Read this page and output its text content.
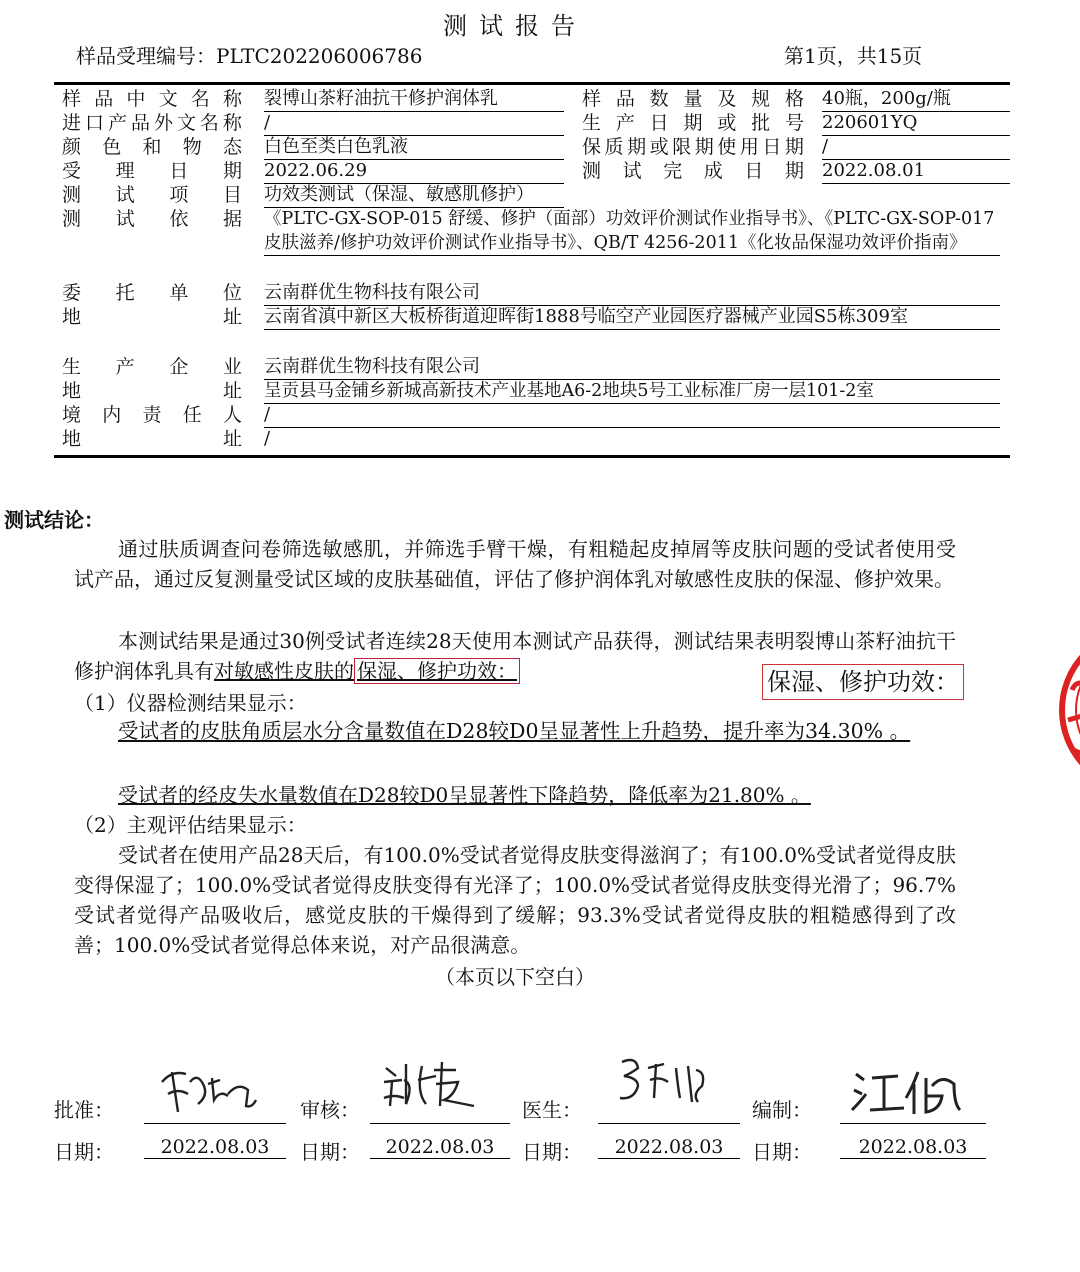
测试报告
样品受理编号：PLTC202206006786	第1页，共15页
样 品 中 文 名 称 裂博山茶籽油抗干修护润体乳	样 品 数 量 及 规 格 40瓶，200g/瓶
进 口 产 品 外 文 名 称 /	生 产 日 期 或 批 号 220601YQ
颜 色 和 物 态 白色至类白色乳液	保 质 期 或 限 期 使 用 日 期 /
受 理 日 期 2022.06.29	测 试 完 成 日 期 2022.08.01
测 试 项 目 功效类测试（保湿、敏感肌修护）
测 试 依 据 《PLTC-GX-SOP-015 舒缓、修护（面部）功效评价测试作业指导书》、《PLTC-GX-SOP-017 皮肤滋养/修护功效评价测试作业指导书》、QB/T 4256-2011《化妆品保湿功效评价指南》
委 托 单 位 云南群优生物科技有限公司
地	址 云南省滇中新区大板桥街道迎晖街1888号临空产业园医疗器械产业园S5栋309室
生 产 企 业 云南群优生物科技有限公司
地	址 呈贡县马金铺乡新城高新技术产业基地A6-2地块5号工业标准厂房一层101-2室
境 内 责 任 人 /
地	址 /
测试结论：
通过肤质调查问卷筛选敏感肌，并筛选手臂干燥，有粗糙起皮掉屑等皮肤问题的受试者使用受试产品，通过反复测量受试区域的皮肤基础值，评估了修护润体乳对敏感性皮肤的保湿、修护效果。
本测试结果是通过30例受试者连续28天使用本测试产品获得，测试结果表明裂博山茶籽油抗干修护润体乳具有对敏感性皮肤的 保湿、修护功效：	保湿、修护功效：
（1）仪器检测结果显示：
受试者的皮肤角质层水分含量数值在D28较D0呈显著性上升趋势，提升率为34.30% 。
受试者的经皮失水量数值在D28较D0呈显著性下降趋势，降低率为21.80% 。
（2）主观评估结果显示：
受试者在使用产品28天后，有100.0%受试者觉得皮肤变得滋润了；有100.0%受试者觉得皮肤变得保湿了；100.0%受试者觉得皮肤变得有光泽了；100.0%受试者觉得皮肤变得光滑了；96.7%受试者觉得产品吸收后，感觉皮肤的干燥得到了缓解；93.3%受试者觉得皮肤的粗糙感得到了改善；100.0%受试者觉得总体来说，对产品很满意。
（本页以下空白）
批准：	审核：	医生：	编制：
日期：	2022.08.03	日期：	2022.08.03	日期：	2022.08.03	日期：	2022.08.03
